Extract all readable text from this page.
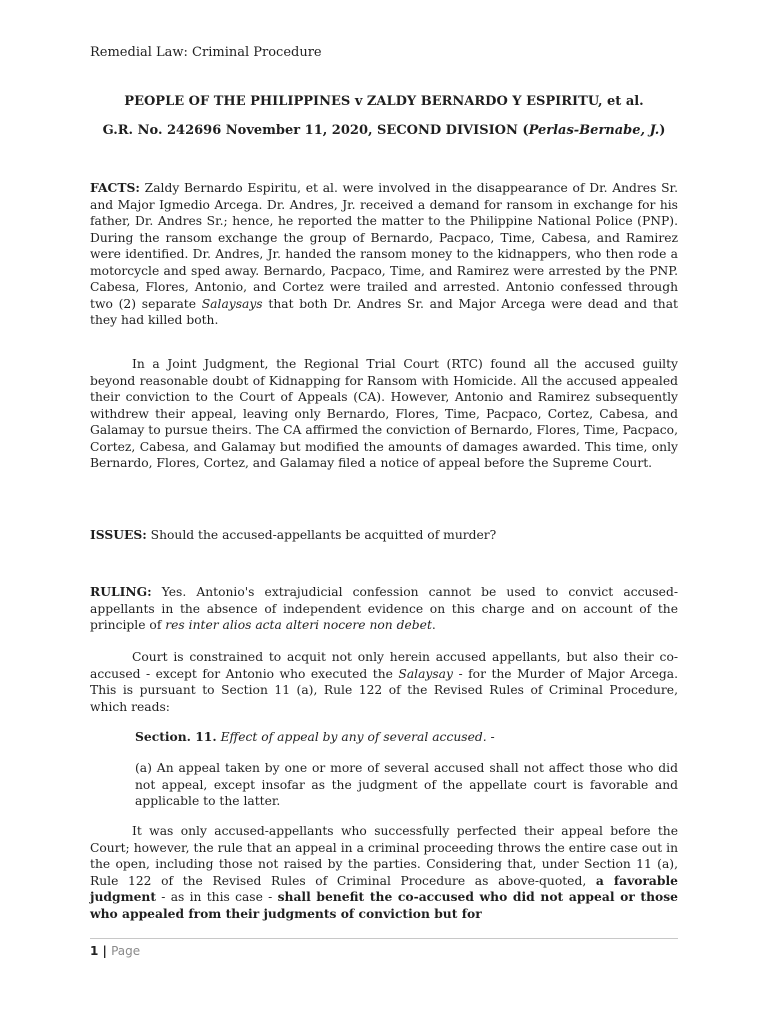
Remedial Law: Criminal Procedure
PEOPLE OF THE PHILIPPINES v ZALDY BERNARDO Y ESPIRITU, et al.
G.R. No. 242696 November 11, 2020, SECOND DIVISION (Perlas-Bernabe, J.)

FACTS: Zaldy Bernardo Espiritu, et al. were involved in the disappearance of Dr. Andres Sr. and Major Igmedio Arcega. Dr. Andres, Jr. received a demand for ransom in exchange for his father, Dr. Andres Sr.; hence, he reported the matter to the Philippine National Police (PNP). During the ransom exchange the group of Bernardo, Pacpaco, Time, Cabesa, and Ramirez were identified. Dr. Andres, Jr. handed the ransom money to the kidnappers, who then rode a motorcycle and sped away. Bernardo, Pacpaco, Time, and Ramirez were arrested by the PNP. Cabesa, Flores, Antonio, and Cortez were trailed and arrested. Antonio confessed through two (2) separate Salaysays that both Dr. Andres Sr. and Major Arcega were dead and that they had killed both.

In a Joint Judgment, the Regional Trial Court (RTC) found all the accused guilty beyond reasonable doubt of Kidnapping for Ransom with Homicide. All the accused appealed their conviction to the Court of Appeals (CA). However, Antonio and Ramirez subsequently withdrew their appeal, leaving only Bernardo, Flores, Time, Pacpaco, Cortez, Cabesa, and Galamay to pursue theirs. The CA affirmed the conviction of Bernardo, Flores, Time, Pacpaco, Cortez, Cabesa, and Galamay but modified the amounts of damages awarded. This time, only Bernardo, Flores, Cortez, and Galamay filed a notice of appeal before the Supreme Court.

ISSUES: Should the accused-appellants be acquitted of murder?

RULING: Yes. Antonio's extrajudicial confession cannot be used to convict accused-appellants in the absence of independent evidence on this charge and on account of the principle of res inter alios acta alteri nocere non debet.

Court is constrained to acquit not only herein accused appellants, but also their co-accused - except for Antonio who executed the Salaysay - for the Murder of Major Arcega. This is pursuant to Section 11 (a), Rule 122 of the Revised Rules of Criminal Procedure, which reads:

Section. 11. Effect of appeal by any of several accused. -

(a) An appeal taken by one or more of several accused shall not affect those who did not appeal, except insofar as the judgment of the appellate court is favorable and applicable to the latter.

It was only accused-appellants who successfully perfected their appeal before the Court; however, the rule that an appeal in a criminal proceeding throws the entire case out in the open, including those not raised by the parties. Considering that, under Section 11 (a), Rule 122 of the Revised Rules of Criminal Procedure as above-quoted, a favorable judgment - as in this case - shall benefit the co-accused who did not appeal or those who appealed from their judgments of conviction but for

1 | Page
